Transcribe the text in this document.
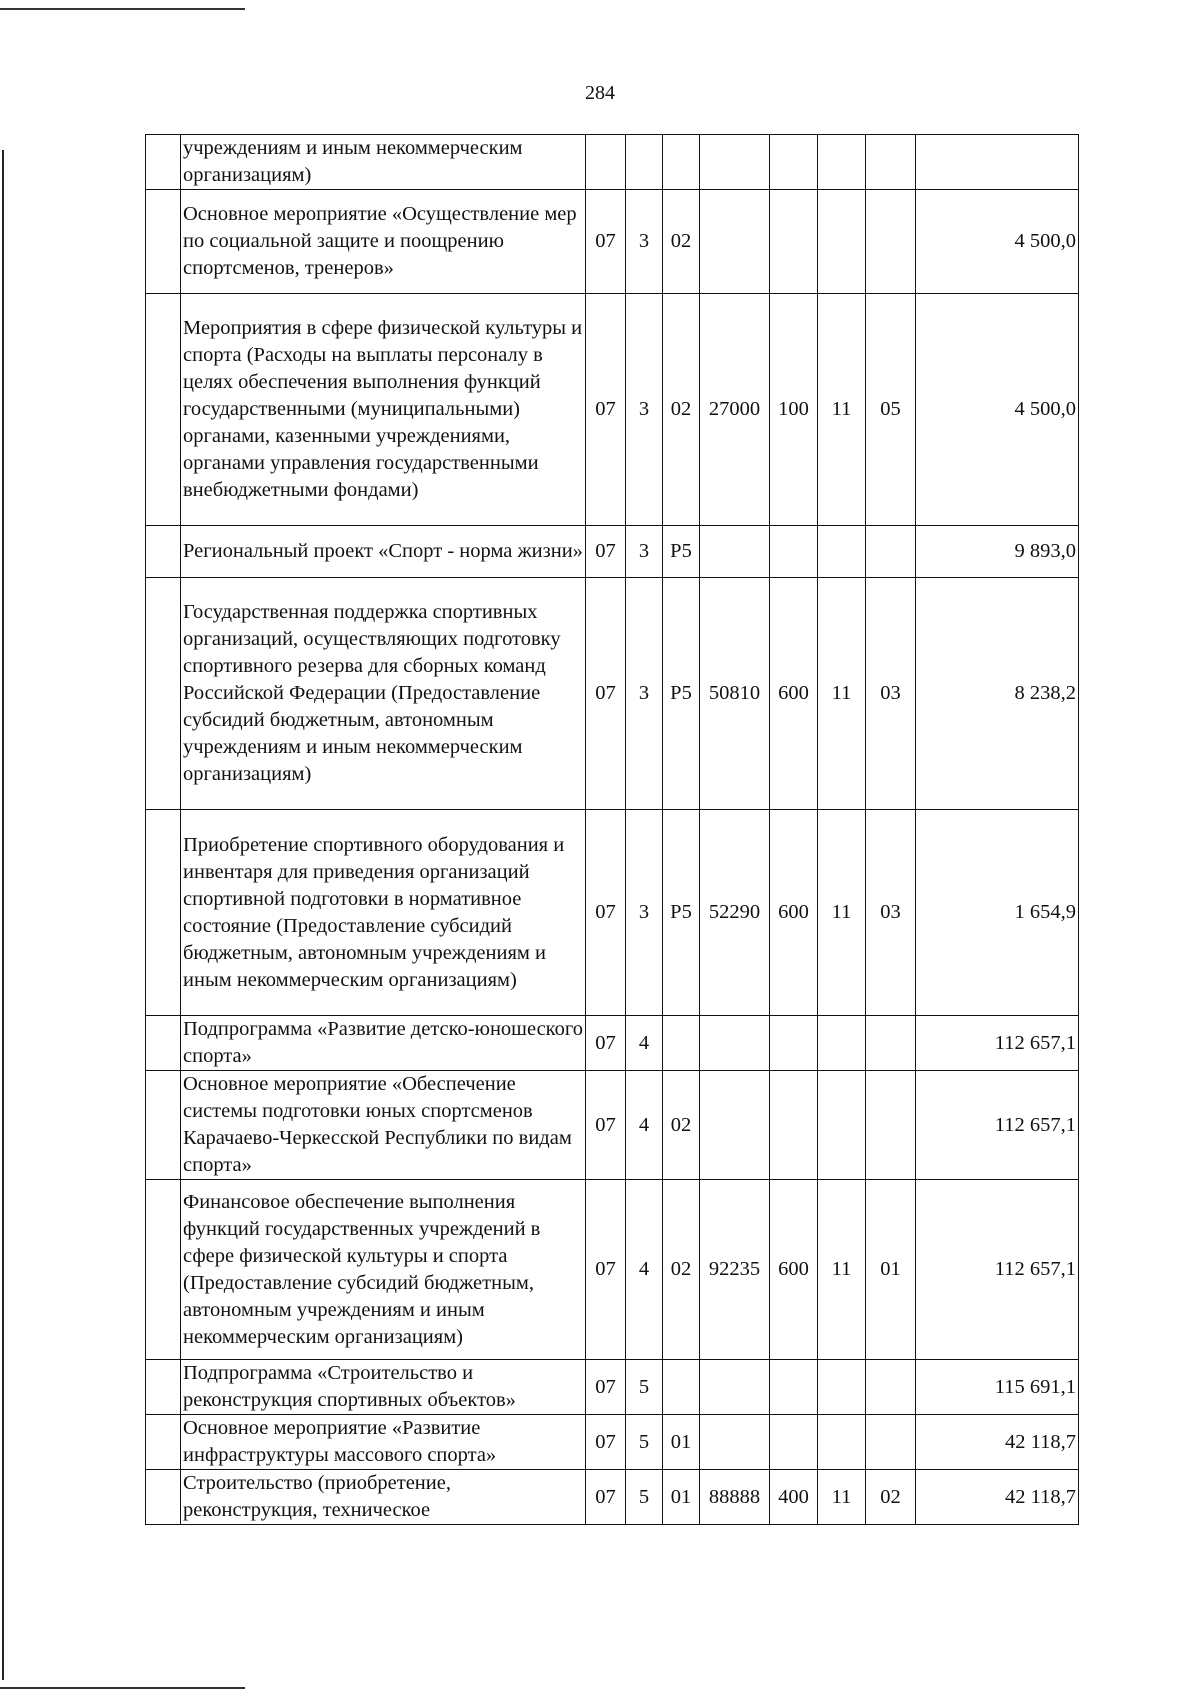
284
	учреждениям и иным некоммерческим организациям)								
	Основное мероприятие «Осуществление мер по социальной защите и поощрению спортсменов, тренеров»	07	3	02					4 500,0
	Мероприятия в сфере физической культуры и спорта (Расходы на выплаты персоналу в целях обеспечения выполнения функций государственными (муниципальными) органами, казенными учреждениями, органами управления государственными внебюджетными фондами)	07	3	02	27000	100	11	05	4 500,0
	Региональный проект «Спорт - норма жизни»	07	3	P5					9 893,0
	Государственная поддержка спортивных организаций, осуществляющих подготовку спортивного резерва для сборных команд Российской Федерации (Предоставление субсидий бюджетным, автономным учреждениям и иным некоммерческим организациям)	07	3	P5	50810	600	11	03	8 238,2
	Приобретение спортивного оборудования и инвентаря для приведения организаций спортивной подготовки в нормативное состояние (Предоставление субсидий бюджетным, автономным учреждениям и иным некоммерческим организациям)	07	3	P5	52290	600	11	03	1 654,9
	Подпрограмма «Развитие детско-юношеского спорта»	07	4						112 657,1
	Основное мероприятие «Обеспечение системы подготовки юных спортсменов Карачаево-Черкесской Республики по видам спорта»	07	4	02					112 657,1
	Финансовое обеспечение выполнения функций государственных учреждений в сфере физической культуры и спорта (Предоставление субсидий бюджетным, автономным учреждениям и иным некоммерческим организациям)	07	4	02	92235	600	11	01	112 657,1
	Подпрограмма «Строительство и реконструкция спортивных объектов»	07	5						115 691,1
	Основное мероприятие «Развитие инфраструктуры массового спорта»	07	5	01					42 118,7
	Строительство (приобретение, реконструкция, техническое	07	5	01	88888	400	11	02	42 118,7
